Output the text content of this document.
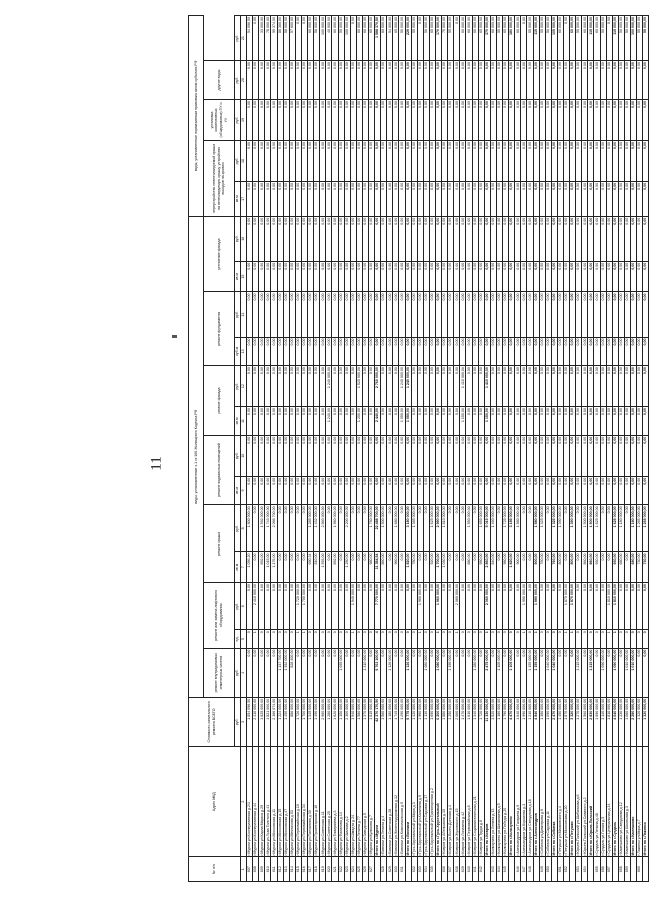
11
№ п/п	Адрес МКД	Стоимость капитального ремонта ВСЕГО	виды, установленные ч.1 ст.166 Жилищного Кодекса РФ													виды, установленные нормативным правовым актом субъекта РФ				
			ремонт внутридомовых инженерных систем	ремонт или замена лифтового оборудования		ремонт крыши		ремонт подвальных помещений		ремонт фасада		ремонт фундамента		утепление фасада		переустройство невентилируемой крыши на вентилируемую крышу, устройство выходов на кровлю		установка коллективных (общедомовых) ПУ и УУ	другие виды	
		руб.	руб.	ед.	руб.	кв.м	руб.	кв.м	руб.	кв.м	руб.	куб.м	руб.	кв.м	руб.	кв.м	руб.	руб.	руб.	руб.
1	2	3	4	5	6	7	8	9	10	11	12	13	14	15	16	17	18	19	20	21
607	г.Муром ул.Кооперативная д.2/1	1 854 096,50	0,00	0	0,00	1 056,20	1 800 000,00	0,00	0,00	0,00	0,00	0,00	0,00	0,00	0,00	0,00	0,00	0,00	0,00	54 096,50
608	г.Муром ул.Кооперативная д.44	2 410 000,00	0,00	1	2 410 000,00	0,00	0,00	0,00	0,00	0,00	0,00	0,00	0,00	0,00	0,00	0,00	0,00	0,00	0,00	0,00
609	г.Муром ул.Карла Маркса д.29	1 625 000,00	0,00	0	0,00	892,00	1 592 000,00	0,00	0,00	0,00	0,00	0,00	0,00	0,00	0,00	0,00	0,00	0,00	0,00	33 000,00
610	г.Муром ул.Льва Толстого д.41	1 821 000,00	0,00	0	0,00	1 015,00	1 743 000,00	0,00	0,00	0,00	0,00	0,00	0,00	0,00	0,00	0,00	0,00	0,00	0,00	78 000,00
611	г.Муром ул.Московская д.11	2 166 074,00	0,00	0	0,00	1 176,00	2 066 700,00	0,00	0,00	0,00	0,00	0,00	0,00	0,00	0,00	0,00	0,00	0,00	0,00	99 374,00
612	г.Муром ул.Московская д.15	1 224 000,00	1 137 700,00	0	0,00	0,00	0,00	0,00	0,00	0,00	0,00	0,00	0,00	0,00	0,00	0,00	0,00	0,00	0,00	86 300,00
613	г.Муром ул.Московская д.47	1 450 000,00	1 392 000,00	0	0,00	0,00	0,00	0,00	0,00	0,00	0,00	0,00	0,00	0,00	0,00	0,00	0,00	0,00	0,00	58 000,00
614	г.Муром ул.Мечникова д.53	886 000,00	828 400,00	0	0,00	0,00	0,00	0,00	0,00	0,00	0,00	0,00	0,00	0,00	0,00	0,00	0,00	0,00	0,00	57 600,00
615	г.Муром ул.Первомайская д.10	1 720 000,00	0,00	1	1 720 000,00	0,00	0,00	0,00	0,00	0,00	0,00	0,00	0,00	0,00	0,00	0,00	0,00	0,00	0,00	0,00
616	г.Муром ул.Первомайская д.34	1 700 000,00	0,00	1	1 700 000,00	0,00	0,00	0,00	0,00	0,00	0,00	0,00	0,00	0,00	0,00	0,00	0,00	0,00	0,00	0,00
617	г.Муром ул.Плеханова д.30	1 345 000,00	0,00	0	0,00	690,34	1 285 000,00	0,00	0,00	0,00	0,00	0,00	0,00	0,00	0,00	0,00	0,00	0,00	0,00	60 000,00
618	г.Муром ул.Пролетарская д.10	1 490 000,00	0,00	0	0,00	810,00	1 432 000,00	0,00	0,00	0,00	0,00	0,00	0,00	0,00	0,00	0,00	0,00	0,00	0,00	58 000,00
619	г.Муром ул.Советская д.11	2 960 000,00	0,00	0	0,00	1 593,00	2 860 000,00	0,00	0,00	0,00	0,00	0,00	0,00	0,00	0,00	0,00	0,00	0,00	0,00	100 000,00
620	г.Муром ул.Советская д.25	1 280 000,00	0,00	0	0,00	0,00	0,00	0,00	0,00	1 240,00	1 240 000,00	0,00	0,00	0,00	0,00	0,00	0,00	0,00	0,00	40 000,00
621	г.Муром ул.Тимирязева д.3	1 620 000,00	0,00	0	0,00	892,00	1 560 000,00	0,00	0,00	0,00	0,00	0,00	0,00	0,00	0,00	0,00	0,00	0,00	0,00	60 000,00
622	г.Муром ул.Филатова д.14	1 150 000,00	1 095 000,00	0	0,00	0,00	0,00	0,00	0,00	0,00	0,00	0,00	0,00	0,00	0,00	0,00	0,00	0,00	0,00	55 000,00
623	г.Муром ул.Чкалова д.2	2 300 000,00	0,00	0	0,00	1 250,00	2 200 000,00	0,00	0,00	0,00	0,00	0,00	0,00	0,00	0,00	0,00	0,00	0,00	0,00	100 000,00
624	г.Муром ул.Шмидта д.24	1 940 000,00	0,00	1	1 940 000,00	0,00	0,00	0,00	0,00	0,00	0,00	0,00	0,00	0,00	0,00	0,00	0,00	0,00	0,00	0,00
625	г.Муром ул.Ленина д.77	1 580 000,00	0,00	0	0,00	0,00	0,00	0,00	0,00	1 200,00	1 520 000,00	0,00	0,00	0,00	0,00	0,00	0,00	0,00	0,00	60 000,00
626	г.Муром ул.Заводская д.5	1 370 000,00	1 310 000,00	0	0,00	0,00	0,00	0,00	0,00	0,00	0,00	0,00	0,00	0,00	0,00	0,00	0,00	0,00	0,00	60 000,00
627	г.Муром ул.Куликова д.7	1 815 000,00	0,00	0	0,00	980,00	1 750 000,00	0,00	0,00	0,00	0,00	0,00	0,00	0,00	0,00	0,00	0,00	0,00	0,00	65 000,00
	Итого по г.Муром	42 370 170,50	5 763 100,00	4	7 770 000,00	11 354,54	22 488 700,00	0,00	0,00	2 440,00	2 760 000,00	0,00	0,00	0,00	0,00	0,00	0,00	0,00	0,00	1 588 370,50
628	г.Вязники ул.Ленина д.4	1 560 000,00	0,00	0	0,00	860,00	1 500 000,00	0,00	0,00	0,00	0,00	0,00	0,00	0,00	0,00	0,00	0,00	0,00	0,00	60 000,00
629	г.Вязники ул.Советская д.28	1 180 000,00	1 126 000,00	0	0,00	0,00	0,00	0,00	0,00	0,00	0,00	0,00	0,00	0,00	0,00	0,00	0,00	0,00	0,00	54 000,00
630	г.Вязники ул.Железнодорожная д.12	1 745 000,00	0,00	0	0,00	960,00	1 680 000,00	0,00	0,00	0,00	0,00	0,00	0,00	0,00	0,00	0,00	0,00	0,00	0,00	65 000,00
631	г.Вязники ул.Комсомольская д.5	1 290 000,00	0,00	0	0,00	0,00	0,00	0,00	0,00	1 050,00	1 240 000,00	0,00	0,00	0,00	0,00	0,00	0,00	0,00	0,00	50 000,00
	Итого по г.Вязники	5 775 000,00	1 126 000,00	0	0,00	1 820,00	3 180 000,00	0,00	0,00	1 050,00	1 240 000,00	0,00	0,00	0,00	0,00	0,00	0,00	0,00	0,00	229 000,00
632	г.Гусь-Хрустальный ул.Мира д.3	1 420 000,00	0,00	0	0,00	780,00	1 365 000,00	0,00	0,00	0,00	0,00	0,00	0,00	0,00	0,00	0,00	0,00	0,00	0,00	55 000,00
633	г.Гусь-Хрустальный ул.Калинина д.9	1 960 000,00	0,00	1	1 960 000,00	0,00	0,00	0,00	0,00	0,00	0,00	0,00	0,00	0,00	0,00	0,00	0,00	0,00	0,00	0,00
634	г.Гусь-Хрустальный ул.Садовая д.17	1 130 000,00	1 080 000,00	0	0,00	0,00	0,00	0,00	0,00	0,00	0,00	0,00	0,00	0,00	0,00	0,00	0,00	0,00	0,00	50 000,00
635	г.Гусь-Хрустальный ул.Транспортная д.2	1 690 000,00	0,00	0	0,00	920,00	1 625 000,00	0,00	0,00	0,00	0,00	0,00	0,00	0,00	0,00	0,00	0,00	0,00	0,00	65 000,00
	Итого по г.Гусь-Хрустальный	6 200 000,00	1 080 000,00	1	1 960 000,00	1 700,00	2 990 000,00	0,00	0,00	0,00	0,00	0,00	0,00	0,00	0,00	0,00	0,00	0,00	0,00	170 000,00
636	г.Ковров ул.Абельмана д.10	1 880 000,00	0,00	0	0,00	1 030,00	1 810 000,00	0,00	0,00	0,00	0,00	0,00	0,00	0,00	0,00	0,00	0,00	0,00	0,00	70 000,00
637	г.Ковров ул.Волго-Донская д.4	1 250 000,00	1 195 000,00	0	0,00	0,00	0,00	0,00	0,00	0,00	0,00	0,00	0,00	0,00	0,00	0,00	0,00	0,00	0,00	55 000,00
638	г.Ковров ул.Жуковского д.15	2 060 000,00	0,00	1	2 060 000,00	0,00	0,00	0,00	0,00	0,00	0,00	0,00	0,00	0,00	0,00	0,00	0,00	0,00	0,00	0,00
639	г.Ковров ул.Лопатина д.42	1 470 000,00	0,00	0	0,00	0,00	0,00	0,00	0,00	1 150,00	1 410 000,00	0,00	0,00	0,00	0,00	0,00	0,00	0,00	0,00	60 000,00
640	г.Ковров ул.Первомайская д.8	1 610 000,00	0,00	0	0,00	880,00	1 550 000,00	0,00	0,00	0,00	0,00	0,00	0,00	0,00	0,00	0,00	0,00	0,00	0,00	60 000,00
641	г.Ковров ул.Социалистическая д.21	1 340 000,00	1 280 000,00	0	0,00	0,00	0,00	0,00	0,00	0,00	0,00	0,00	0,00	0,00	0,00	0,00	0,00	0,00	0,00	60 000,00
642	г.Ковров ул.Труда д.6	1 720 000,00	0,00	0	0,00	950,00	1 655 000,00	0,00	0,00	0,00	0,00	0,00	0,00	0,00	0,00	0,00	0,00	0,00	0,00	65 000,00
	Итого по г.Ковров	11 330 000,00	2 475 000,00	1	2 060 000,00	2 860,00	5 015 000,00	0,00	0,00	1 150,00	1 410 000,00	0,00	0,00	0,00	0,00	0,00	0,00	0,00	0,00	370 000,00
643	г.Кольчугино ул.Ленина д.13	1 520 000,00	0,00	0	0,00	840,00	1 460 000,00	0,00	0,00	0,00	0,00	0,00	0,00	0,00	0,00	0,00	0,00	0,00	0,00	60 000,00
644	г.Кольчугино ул.Шиманаева д.5	1 160 000,00	1 105 000,00	0	0,00	0,00	0,00	0,00	0,00	0,00	0,00	0,00	0,00	0,00	0,00	0,00	0,00	0,00	0,00	55 000,00
645	г.Кольчугино ул.Победы д.20	1 790 000,00	0,00	0	0,00	980,00	1 725 000,00	0,00	0,00	0,00	0,00	0,00	0,00	0,00	0,00	0,00	0,00	0,00	0,00	65 000,00
	Итого по г.Кольчугино	4 470 000,00	1 105 000,00	0	0,00	1 820,00	3 185 000,00	0,00	0,00	0,00	0,00	0,00	0,00	0,00	0,00	0,00	0,00	0,00	0,00	180 000,00
646	г.Александров ул.Гагарина д.9	1 640 000,00	0,00	0	0,00	900,00	1 580 000,00	0,00	0,00	0,00	0,00	0,00	0,00	0,00	0,00	0,00	0,00	0,00	0,00	60 000,00
647	г.Александров ул.Королева д.3	1 990 000,00	0,00	1	1 990 000,00	0,00	0,00	0,00	0,00	0,00	0,00	0,00	0,00	0,00	0,00	0,00	0,00	0,00	0,00	0,00
648	г.Александров ул.Свердлова д.18	1 210 000,00	1 155 000,00	0	0,00	0,00	0,00	0,00	0,00	0,00	0,00	0,00	0,00	0,00	0,00	0,00	0,00	0,00	0,00	55 000,00
	Итого по г.Александров	4 840 000,00	1 155 000,00	1	1 990 000,00	900,00	1 580 000,00	0,00	0,00	0,00	0,00	0,00	0,00	0,00	0,00	0,00	0,00	0,00	0,00	115 000,00
649	г.Собинка ул.Димитрова д.6	1 380 000,00	0,00	0	0,00	760,00	1 325 000,00	0,00	0,00	0,00	0,00	0,00	0,00	0,00	0,00	0,00	0,00	0,00	0,00	55 000,00
650	г.Собинка ул.Садовая д.11	1 090 000,00	1 040 000,00	0	0,00	0,00	0,00	0,00	0,00	0,00	0,00	0,00	0,00	0,00	0,00	0,00	0,00	0,00	0,00	50 000,00
	Итого по г.Собинка	2 470 000,00	1 040 000,00	0	0,00	760,00	1 325 000,00	0,00	0,00	0,00	0,00	0,00	0,00	0,00	0,00	0,00	0,00	0,00	0,00	105 000,00
651	г.Петушки ул.Маяковского д.4	1 450 000,00	0,00	0	0,00	800,00	1 390 000,00	0,00	0,00	0,00	0,00	0,00	0,00	0,00	0,00	0,00	0,00	0,00	0,00	60 000,00
652	г.Петушки ул.Московская д.20	1 870 000,00	0,00	1	1 870 000,00	0,00	0,00	0,00	0,00	0,00	0,00	0,00	0,00	0,00	0,00	0,00	0,00	0,00	0,00	0,00
	Итого по г.Петушки	3 320 000,00	0,00	1	1 870 000,00	800,00	1 390 000,00	0,00	0,00	0,00	0,00	0,00	0,00	0,00	0,00	0,00	0,00	0,00	0,00	60 000,00
653	г.Юрьев-Польский ул.Шибанкова д.6	1 270 000,00	1 215 000,00	0	0,00	0,00	0,00	0,00	0,00	0,00	0,00	0,00	0,00	0,00	0,00	0,00	0,00	0,00	0,00	55 000,00
654	г.Юрьев-Польский ул.Славного д.2	1 560 000,00	0,00	0	0,00	860,00	1 500 000,00	0,00	0,00	0,00	0,00	0,00	0,00	0,00	0,00	0,00	0,00	0,00	0,00	60 000,00
	Итого по г.Юрьев-Польский	2 830 000,00	1 215 000,00	0	0,00	860,00	1 500 000,00	0,00	0,00	0,00	0,00	0,00	0,00	0,00	0,00	0,00	0,00	0,00	0,00	115 000,00
655	г.Суздаль ул.Ленина д.48	1 690 000,00	0,00	0	0,00	930,00	1 625 000,00	0,00	0,00	0,00	0,00	0,00	0,00	0,00	0,00	0,00	0,00	0,00	0,00	65 000,00
656	г.Суздаль ул.Гоголя д.5	1 140 000,00	1 090 000,00	0	0,00	0,00	0,00	0,00	0,00	0,00	0,00	0,00	0,00	0,00	0,00	0,00	0,00	0,00	0,00	50 000,00
657	г.Суздаль ул.Центральная д.14	1 810 000,00	0,00	1	1 810 000,00	0,00	0,00	0,00	0,00	0,00	0,00	0,00	0,00	0,00	0,00	0,00	0,00	0,00	0,00	0,00
	Итого по г.Суздаль	4 640 000,00	1 090 000,00	1	1 810 000,00	930,00	1 625 000,00	0,00	0,00	0,00	0,00	0,00	0,00	0,00	0,00	0,00	0,00	0,00	0,00	115 000,00
658	г.Камешково ул.Свердлова д.12	1 230 000,00	0,00	0	0,00	680,00	1 180 000,00	0,00	0,00	0,00	0,00	0,00	0,00	0,00	0,00	0,00	0,00	0,00	0,00	50 000,00
659	г.Камешково ул.Школьная д.3	1 060 000,00	1 010 000,00	0	0,00	0,00	0,00	0,00	0,00	0,00	0,00	0,00	0,00	0,00	0,00	0,00	0,00	0,00	0,00	50 000,00
	Итого по г.Камешково	2 290 000,00	1 010 000,00	0	0,00	680,00	1 180 000,00	0,00	0,00	0,00	0,00	0,00	0,00	0,00	0,00	0,00	0,00	0,00	0,00	100 000,00
660	г.Лакинск ул.Мира д.7	1 320 000,00	0,00	0	0,00	730,00	1 265 000,00	0,00	0,00	0,00	0,00	0,00	0,00	0,00	0,00	0,00	0,00	0,00	0,00	55 000,00
	Итого по г.Лакинск	1 320 000,00	0,00	0	0,00	730,00	1 265 000,00	0,00	0,00	0,00	0,00	0,00	0,00	0,00	0,00	0,00	0,00	0,00	0,00	55 000,00
